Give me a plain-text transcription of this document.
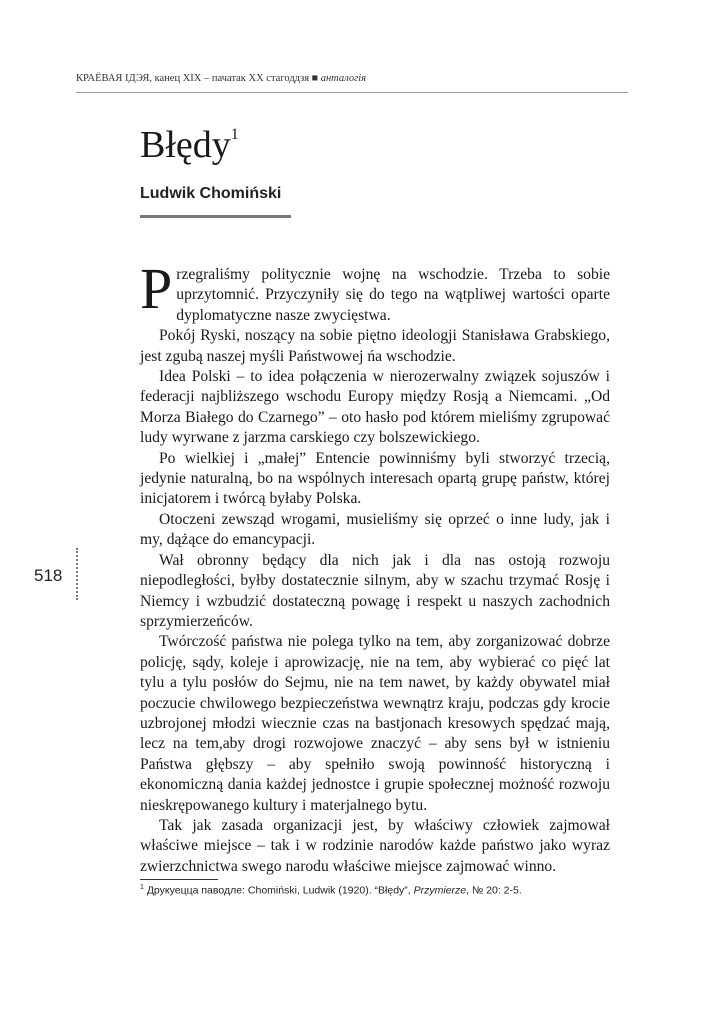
КРАЁВАЯ ІДЭЯ, канец XIX – пачатак XX стагоддзя ■ анталогія
Błędy$^1$
Ludwik Chomiński

Przegraliśmy politycznie wojnę na wschodzie. Trzeba to sobie uprzytomnić. Przyczyniły się do tego na wątpliwej wartości oparte dyplomatyczne nasze zwycięstwa.

Pokój Ryski, noszący na sobie piętno ideologji Stanisława Grabskiego, jest zgubą naszej myśli Państwowej ńa wschodzie.

Idea Polski – to idea połączenia w nierozerwalny związek sojuszów i federacji najbliższego wschodu Europy między Rosją a Niemcami. „Od Morza Białego do Czarnego” – oto hasło pod którem mieliśmy zgrupować ludy wyrwane z jarzma carskiego czy bolszewickiego.

Po wielkiej i „małej” Entencie powinniśmy byli stworzyć trzecią, jedynie naturalną, bo na wspólnych interesach opartą grupę państw, której inicjatorem i twórcą byłaby Polska.

Otoczeni zewsząd wrogami, musieliśmy się oprzeć o inne ludy, jak i my, dążące do emancypacji.

Wał obronny będący dla nich jak i dla nas ostoją rozwoju niepodległości, byłby dostatecznie silnym, aby w szachu trzymać Rosję i Niemcy i wzbudzić dostateczną powagę i respekt u naszych zachodnich sprzymierzeńców.

Twórczość państwa nie polega tylko na tem, aby zorganizować dobrze policję, sądy, koleje i aprowizację, nie na tem, aby wybierać co pięć lat tylu a tylu posłów do Sejmu, nie na tem nawet, by każdy obywatel miał poczucie chwilowego bezpieczeństwa wewnątrz kraju, podczas gdy krocie uzbrojonej młodzi wiecznie czas na bastjonach kresowych spędzać mają, lecz na tem,aby drogi rozwojowe znaczyć – aby sens był w istnieniu Państwa głębszy – aby spełniło swoją powinność historyczną i ekonomiczną dania każdej jednostce i grupie społecznej możność rozwoju nieskrępowanego kultury i materjalnego bytu.

Tak jak zasada organizacji jest, by właściwy człowiek zajmował właściwe miejsce – tak i w rodzinie narodów każde państwo jako wyraz zwierzchnictwa swego narodu właściwe miejsce zajmować winno.

518
$^1$ Друкуецца паводле: Chomiński, Ludwik (1920). “Błędy”, Przymierze, № 20: 2-5.
